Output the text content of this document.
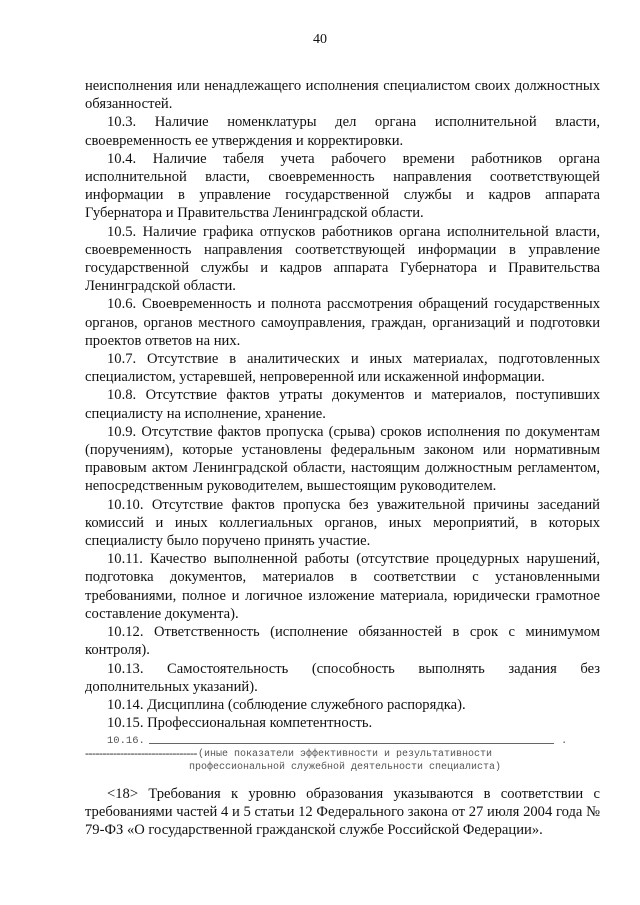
40

неисполнения или ненадлежащего исполнения специалистом своих должностных обязанностей.

10.3. Наличие номенклатуры дел органа исполнительной власти, своевременность ее утверждения и корректировки.

10.4. Наличие табеля учета рабочего времени работников органа исполнительной власти, своевременность направления соответствующей информации в управление государственной службы и кадров аппарата Губернатора и Правительства Ленинградской области.

10.5. Наличие графика отпусков работников органа исполнительной власти, своевременность направления соответствующей информации в управление государственной службы и кадров аппарата Губернатора и Правительства Ленинградской области.

10.6. Своевременность и полнота рассмотрения обращений государственных органов, органов местного самоуправления, граждан, организаций и подготовки проектов ответов на них.

10.7. Отсутствие в аналитических и иных материалах, подготовленных специалистом, устаревшей, непроверенной или искаженной информации.

10.8. Отсутствие фактов утраты документов и материалов, поступивших специалисту на исполнение, хранение.

10.9. Отсутствие фактов пропуска (срыва) сроков исполнения по документам (поручениям), которые установлены федеральным законом или нормативным правовым актом Ленинградской области, настоящим должностным регламентом, непосредственным руководителем, вышестоящим руководителем.

10.10. Отсутствие фактов пропуска без уважительной причины заседаний комиссий и иных коллегиальных органов, иных мероприятий, в которых специалисту было поручено принять участие.

10.11. Качество выполненной работы (отсутствие процедурных нарушений, подготовка документов, материалов в соответствии с установленными требованиями, полное и логичное изложение материала, юридически грамотное составление документа).

10.12. Ответственность (исполнение обязанностей в срок с минимумом контроля).

10.13. Самостоятельность (способность выполнять задания без дополнительных указаний).

10.14. Дисциплина (соблюдение служебного распорядка).

10.15. Профессиональная компетентность.

10.16.	.
(иные показатели эффективности и результативности
профессиональной служебной деятельности специалиста)
--------------------------------

<18> Требования к уровню образования указываются в соответствии с требованиями частей 4 и 5 статьи 12 Федерального закона от 27 июля 2004 года № 79-ФЗ «О государственной гражданской службе Российской Федерации».
